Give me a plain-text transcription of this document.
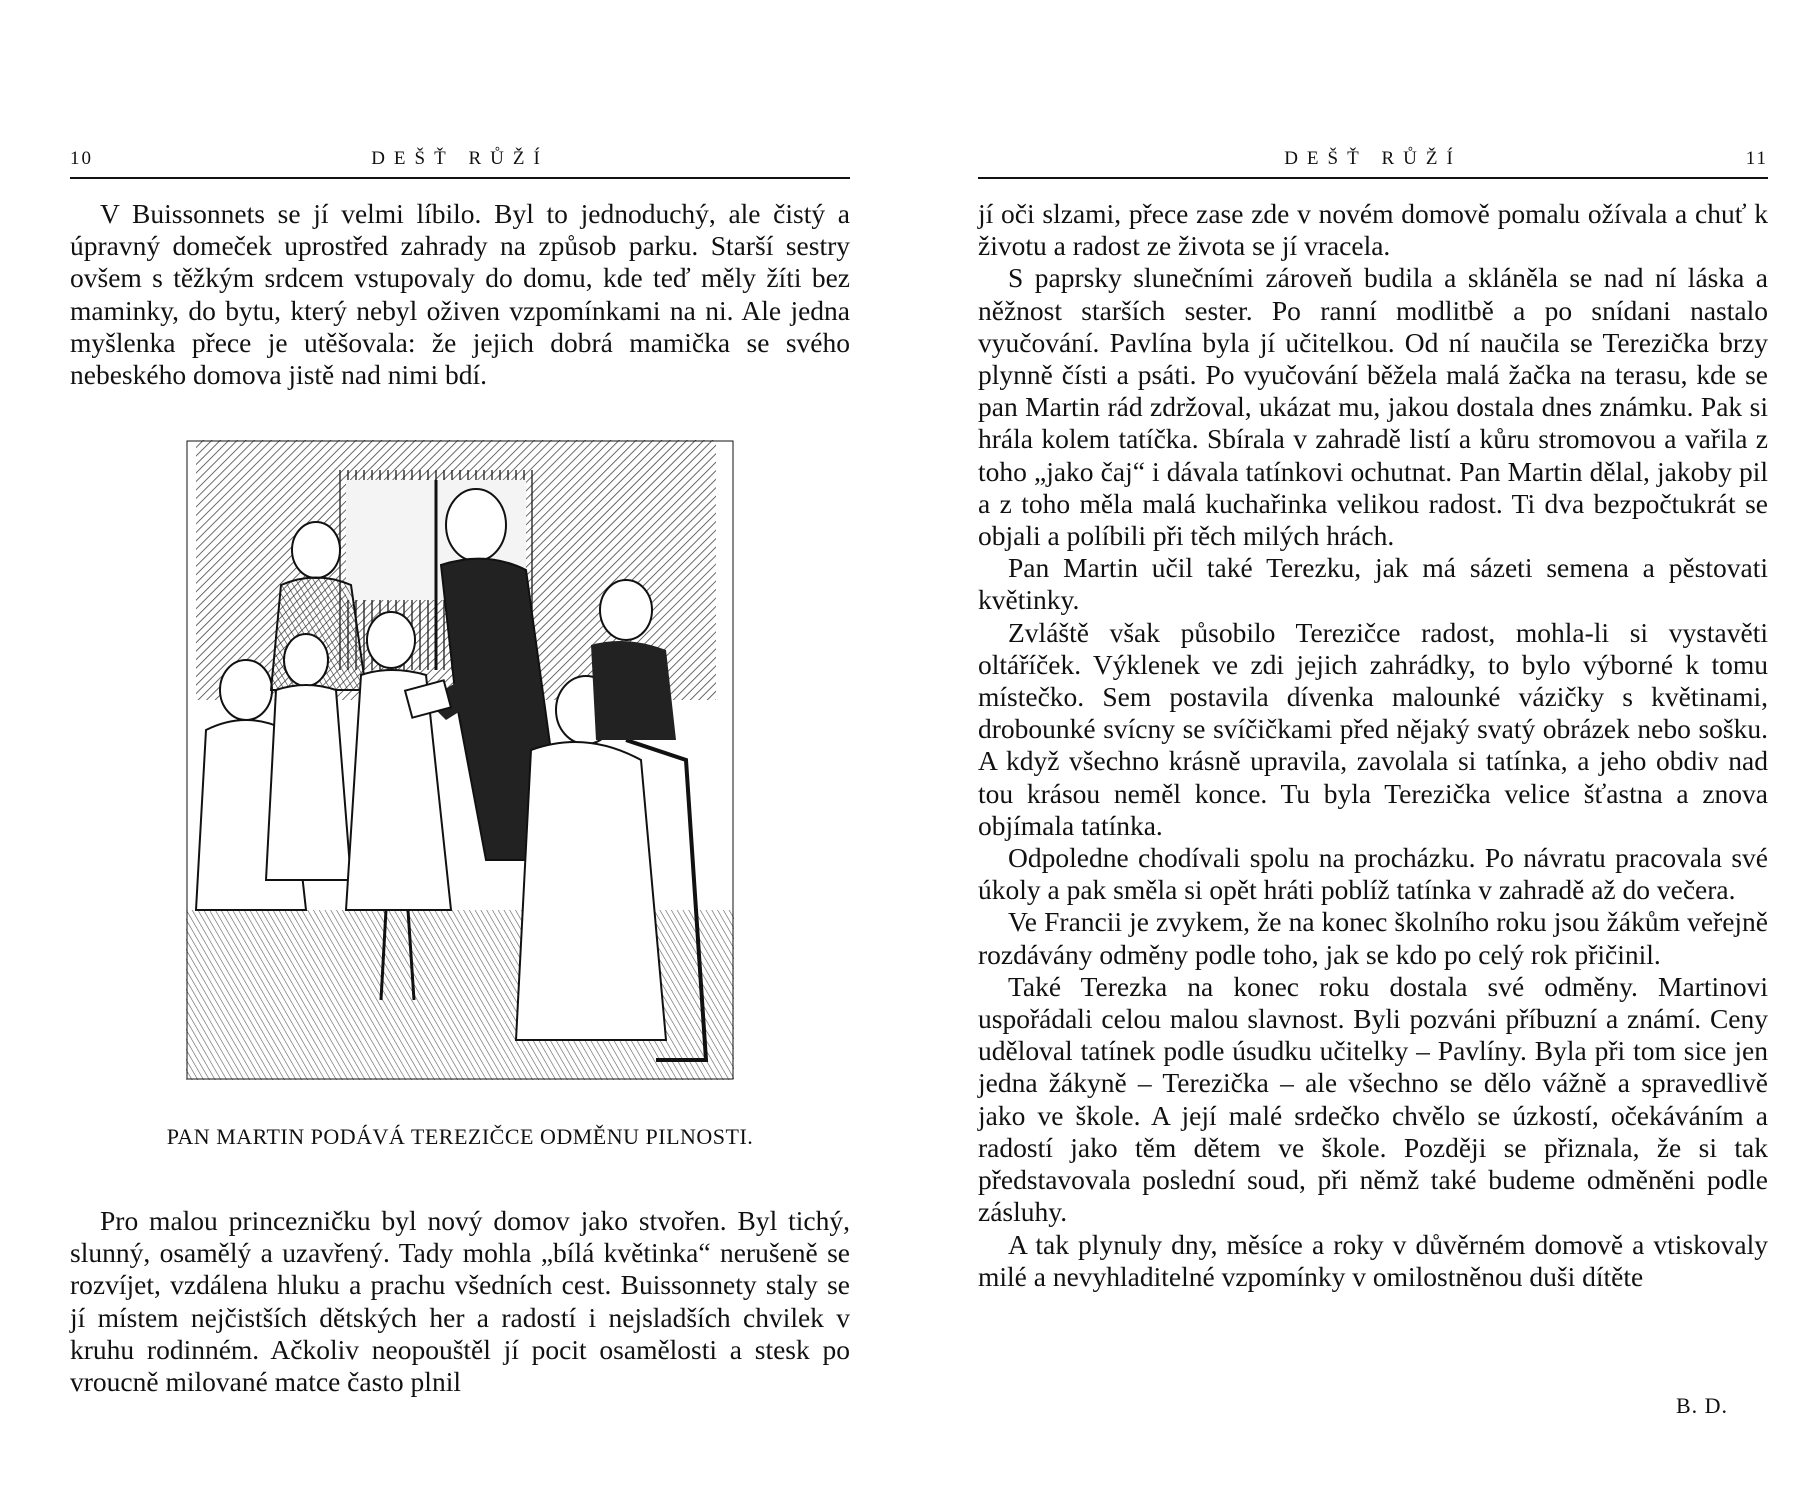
10	DEŠŤ RŮŽÍ

V Buissonnets se jí velmi líbilo. Byl to jednoduchý, ale čistý a úpravný domeček uprostřed zahrady na způsob parku. Starší sestry ovšem s těžkým srdcem vstupovaly do domu, kde teď měly žíti bez maminky, do bytu, který nebyl oživen vzpomínkami na ni. Ale jedna myšlenka přece je utěšovala: že jejich dobrá mamička se svého nebeského domova jistě nad nimi bdí.

PAN MARTIN PODÁVÁ TEREZIČCE ODMĚNU PILNOSTI.

Pro malou princezničku byl nový domov jako stvořen. Byl tichý, slunný, osamělý a uzavřený. Tady mohla „bílá květinka“ nerušeně se rozvíjet, vzdálena hluku a prachu všedních cest. Buissonnety staly se jí místem nejčistších dětských her a radostí i nejsladších chvilek v kruhu rodinném. Ačkoliv neopouštěl jí pocit osamělosti a stesk po vroucně milované matce často plnil

DEŠŤ RŮŽÍ	11

jí oči slzami, přece zase zde v novém domově pomalu ožívala a chuť k životu a radost ze života se jí vracela.

S paprsky slunečními zároveň budila a skláněla se nad ní láska a něžnost starších sester. Po ranní modlitbě a po snídani nastalo vyučování. Pavlína byla jí učitelkou. Od ní naučila se Terezička brzy plynně čísti a psáti. Po vyučování běžela malá žačka na terasu, kde se pan Martin rád zdržoval, ukázat mu, jakou dostala dnes známku. Pak si hrála kolem tatíčka. Sbírala v zahradě listí a kůru stromovou a vařila z toho „jako čaj“ i dávala tatínkovi ochutnat. Pan Martin dělal, jakoby pil a z toho měla malá kuchařinka velikou radost. Ti dva bezpočtukrát se objali a políbili při těch milých hrách.

Pan Martin učil také Terezku, jak má sázeti semena a pěstovati květinky.

Zvláště však působilo Terezičce radost, mohla-li si vystavěti oltáříček. Výklenek ve zdi jejich zahrádky, to bylo výborné k tomu místečko. Sem postavila dívenka malounké vázičky s květinami, drobounké svícny se svíčičkami před nějaký svatý obrázek nebo sošku. A když všechno krásně upravila, zavolala si tatínka, a jeho obdiv nad tou krásou neměl konce. Tu byla Terezička velice šťastna a znova objímala tatínka.

Odpoledne chodívali spolu na procházku. Po návratu pracovala své úkoly a pak směla si opět hráti poblíž tatínka v zahradě až do večera.

Ve Francii je zvykem, že na konec školního roku jsou žákům veřejně rozdávány odměny podle toho, jak se kdo po celý rok přičinil.

Také Terezka na konec roku dostala své odměny. Martinovi uspořádali celou malou slavnost. Byli pozváni příbuzní a známí. Ceny uděloval tatínek podle úsudku učitelky – Pavlíny. Byla při tom sice jen jedna žákyně – Terezička – ale všechno se dělo vážně a spravedlivě jako ve škole. A její malé srdečko chvělo se úzkostí, očekáváním a radostí jako těm dětem ve škole. Později se přiznala, že si tak představovala poslední soud, při němž také budeme odměněni podle zásluhy.

A tak plynuly dny, měsíce a roky v důvěrném domově a vtiskovaly milé a nevyhladitelné vzpomínky v omilostněnou duši dítěte

B. D.
